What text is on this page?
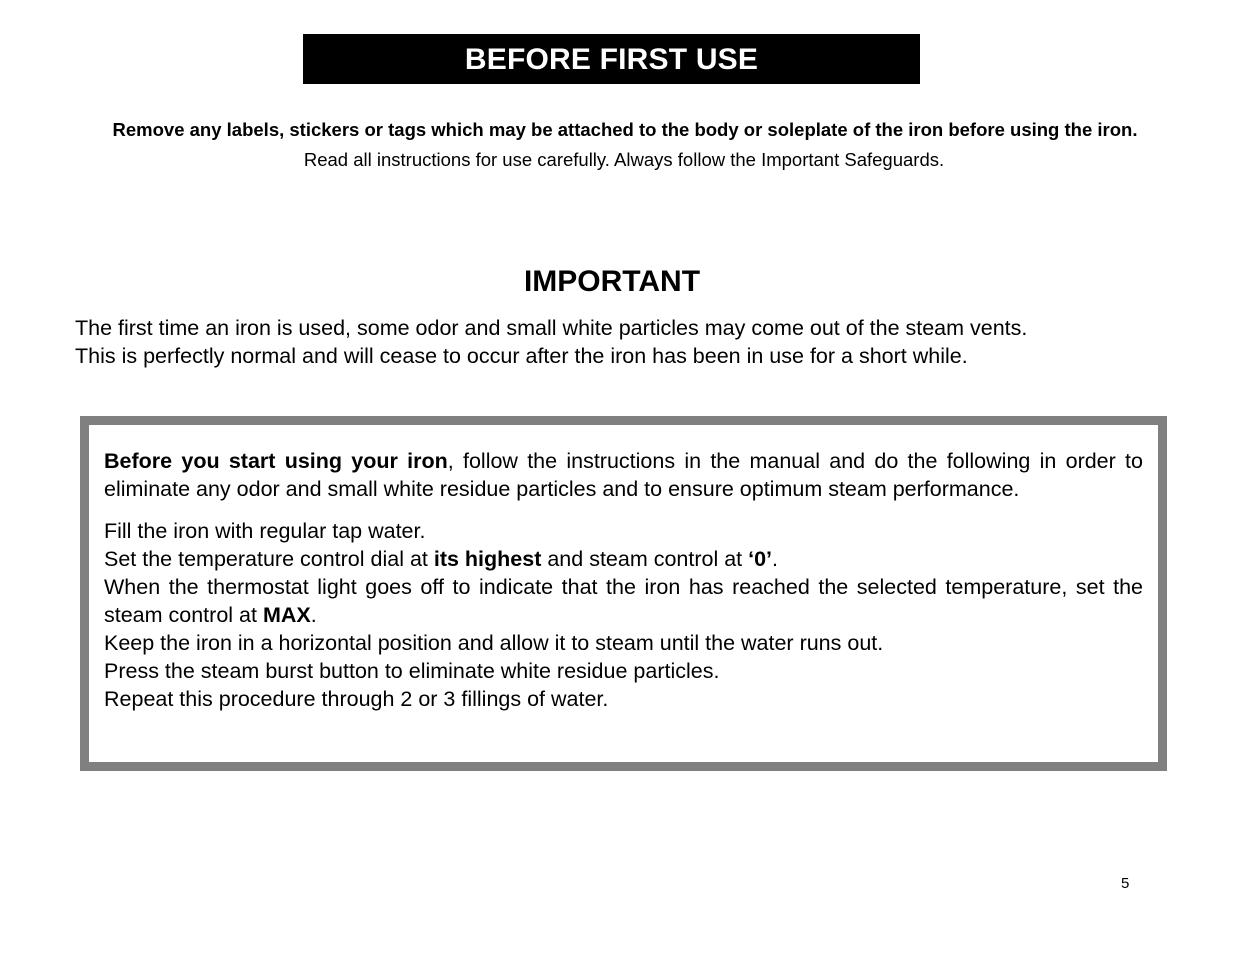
BEFORE FIRST USE
Remove any labels, stickers or tags which may be attached to the body or soleplate of the iron before using the iron.
Read all instructions for use carefully. Always follow the Important Safeguards.
IMPORTANT
The first time an iron is used, some odor and small white particles may come out of the steam vents.
This is perfectly normal and will cease to occur after the iron has been in use for a short while.

Before you start using your iron, follow the instructions in the manual and do the following in order to eliminate any odor and small white residue particles and to ensure optimum steam performance.

Fill the iron with regular tap water.

Set the temperature control dial at its highest and steam control at ‘0’.

When the thermostat light goes off to indicate that the iron has reached the selected temperature, set the steam control at MAX.

Keep the iron in a horizontal position and allow it to steam until the water runs out.

Press the steam burst button to eliminate white residue particles.

Repeat this procedure through 2 or 3 fillings of water.

5
